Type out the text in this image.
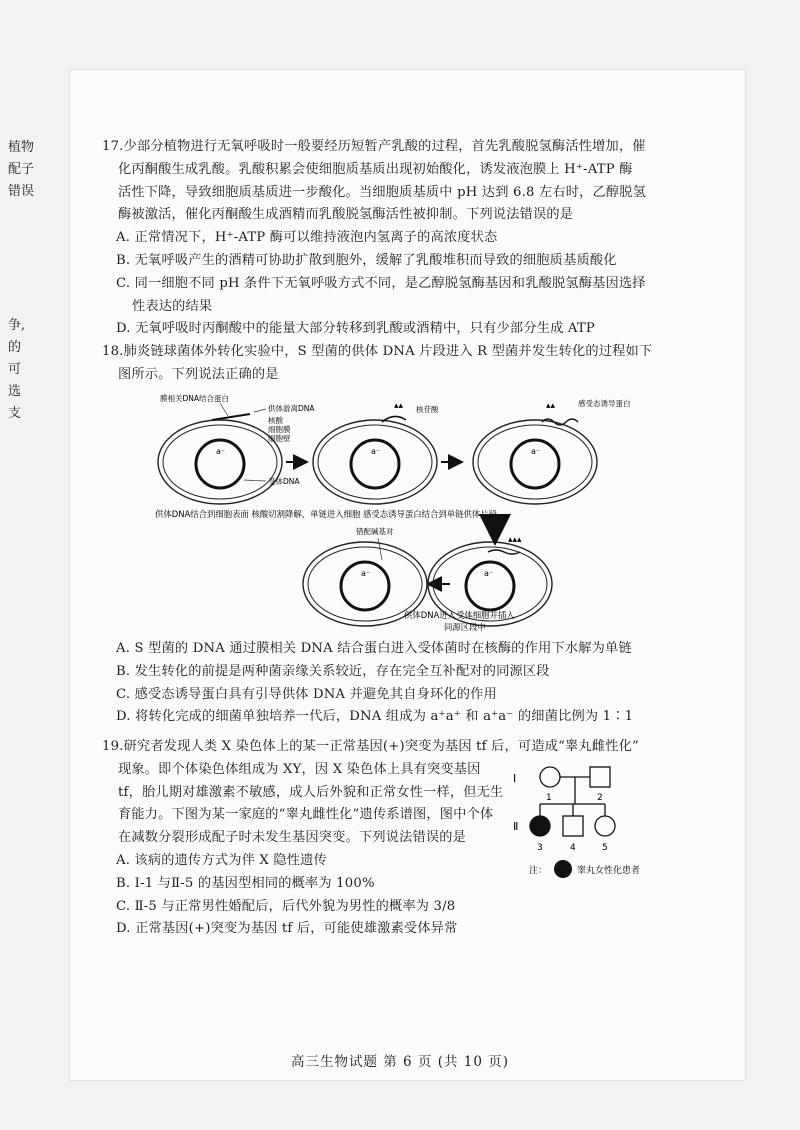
植物
配子
错误
争,
的
可
选
支

17.少部分植物进行无氧呼吸时一般要经历短暂产乳酸的过程，首先乳酸脱氢酶活性增加，催

化丙酮酸生成乳酸。乳酸积累会使细胞质基质出现初始酸化，诱发液泡膜上 H⁺-ATP 酶

活性下降，导致细胞质基质进一步酸化。当细胞质基质中 pH 达到 6.8 左右时，乙醇脱氢

酶被激活，催化丙酮酸生成酒精而乳酸脱氢酶活性被抑制。下列说法错误的是

A. 正常情况下，H⁺-ATP 酶可以维持液泡内氢离子的高浓度状态

B. 无氧呼吸产生的酒精可协助扩散到胞外，缓解了乳酸堆积而导致的细胞质基质酸化

C. 同一细胞不同 pH 条件下无氧呼吸方式不同，是乙醇脱氢酶基因和乳酸脱氢酶基因选择

性表达的结果

D. 无氧呼吸时丙酮酸中的能量大部分转移到乳酸或酒精中，只有少部分生成 ATP

18.肺炎链球菌体外转化实验中，S 型菌的供体 DNA 片段进入 R 型菌并发生转化的过程如下

图所示。下列说法正确的是

a⁻
膜相关DNA结合蛋白
供体游离DNA
核酸
细胞膜
细胞壁
受体DNA
a⁻
▴▴ 核苷酸
a⁻
▴▴	感受态诱导蛋白
供体DNA结合到细胞表面 核酸切割降解，单链进入细胞 感受态诱导蛋白结合到单链供体片段
a⁻
错配碱基对
a⁻
▴▴▴
供体DNA进入受体细胞并插入
同源区段中

A. S 型菌的 DNA 通过膜相关 DNA 结合蛋白进入受体菌时在核酶的作用下水解为单链

B. 发生转化的前提是两种菌亲缘关系较近，存在完全互补配对的同源区段

C. 感受态诱导蛋白具有引导供体 DNA 并避免其自身环化的作用

D. 将转化完成的细菌单独培养一代后，DNA 组成为 a⁺a⁺ 和 a⁺a⁻ 的细菌比例为 1∶1

19.研究者发现人类 X 染色体上的某一正常基因(+)突变为基因 tf 后，可造成“睾丸雌性化”

现象。即个体染色体组成为 XY，因 X 染色体上具有突变基因

tf，胎儿期对雄激素不敏感，成人后外貌和正常女性一样，但无生

育能力。下图为某一家庭的“睾丸雌性化”遗传系谱图，图中个体

在减数分裂形成配子时未发生基因突变。下列说法错误的是

A. 该病的遗传方式为伴 X 隐性遗传

B. Ⅰ-1 与Ⅱ-5 的基因型相同的概率为 100%

C. Ⅱ-5 与正常男性婚配后，后代外貌为男性的概率为 3/8

D. 正常基因(+)突变为基因 tf 后，可能使雄激素受体异常

Ⅰ
Ⅱ
1	2
3	4	5
注：	睾丸女性化患者
高三生物试题 第 6 页 (共 10 页)
